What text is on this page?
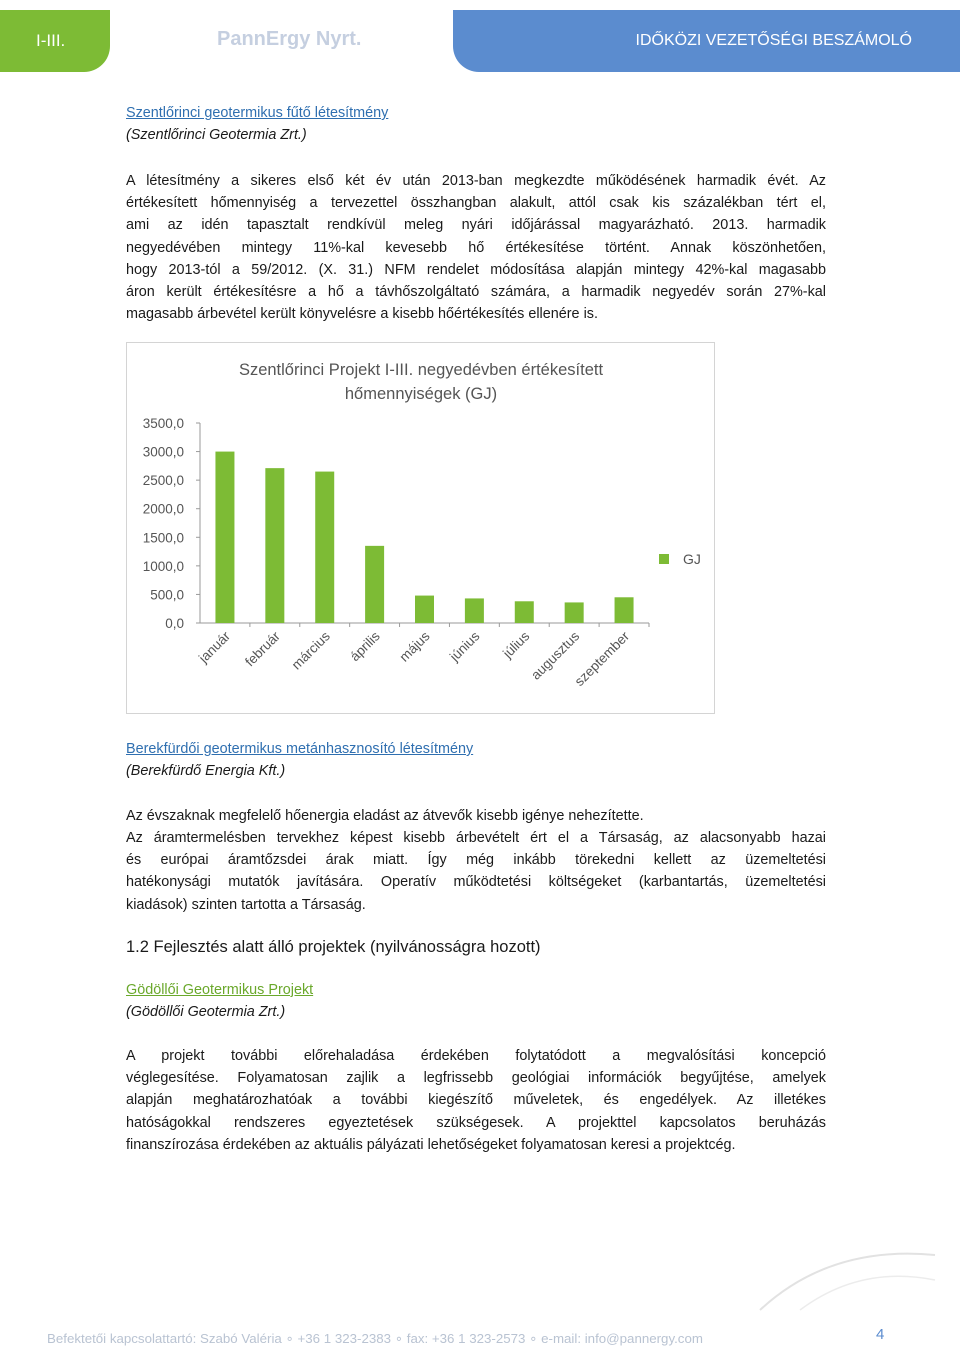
I-III.	PannErgy Nyrt.	IDŐKÖZI VEZETŐSÉGI BESZÁMOLÓ
Szentlőrinci geotermikus fűtő létesítmény
(Szentlőrinci Geotermia Zrt.)
A létesítmény a sikeres első két év után 2013-ban megkezdte működésének harmadik évét. Az
értékesített hőmennyiség a tervezettel összhangban alakult, attól csak kis százalékban tért el,
ami az idén tapasztalt rendkívül meleg nyári időjárással magyarázható. 2013. harmadik
negyedévében mintegy 11%-kal kevesebb hő értékesítése történt. Annak köszönhetően,
hogy 2013-tól a 59/2012. (X. 31.) NFM rendelet módosítása alapján mintegy 42%-kal magasabb
áron került értékesítésre a hő a távhőszolgáltató számára, a harmadik negyedév során 27%-kal
magasabb árbevétel került könyvelésre a kisebb hőértékesítés ellenére is.
Szentlőrinci Projekt I-III. negyedévben értékesített
hőmennyiségek (GJ)
0,0
500,0
1000,0
1500,0
2000,0
2500,0
3000,0
3500,0
január február március április május június július
augusztus
szeptember
GJ
Berekfürdői geotermikus metánhasznosító létesítmény
(Berekfürdő Energia Kft.)
Az évszaknak megfelelő hőenergia eladást az átvevők kisebb igénye nehezítette.
Az áramtermelésben tervekhez képest kisebb árbevételt ért el a Társaság, az alacsonyabb hazai
és európai áramtőzsdei árak miatt. Így még inkább törekedni kellett az üzemeltetési
hatékonysági mutatók javítására. Operatív működtetési költségeket (karbantartás, üzemeltetési
kiadások) szinten tartotta a Társaság.
1.2 Fejlesztés alatt álló projektek (nyilvánosságra hozott)
Gödöllői Geotermikus Projekt
(Gödöllői Geotermia Zrt.)
A projekt további előrehaladása érdekében folytatódott a megvalósítási koncepció
véglegesítése. Folyamatosan zajlik a legfrissebb geológiai információk begyűjtése, amelyek
alapján meghatározhatóak a további kiegészítő műveletek, és engedélyek. Az illetékes
hatóságokkal rendszeres egyeztetések szükségesek. A projekttel kapcsolatos beruházás
finanszírozása érdekében az aktuális pályázati lehetőségeket folyamatosan keresi a projektcég.
Befektetői kapcsolattartó: Szabó Valéria ∘ +36 1 323-2383 ∘ fax: +36 1 323-2573 ∘ e-mail: info@pannergy.com	4
